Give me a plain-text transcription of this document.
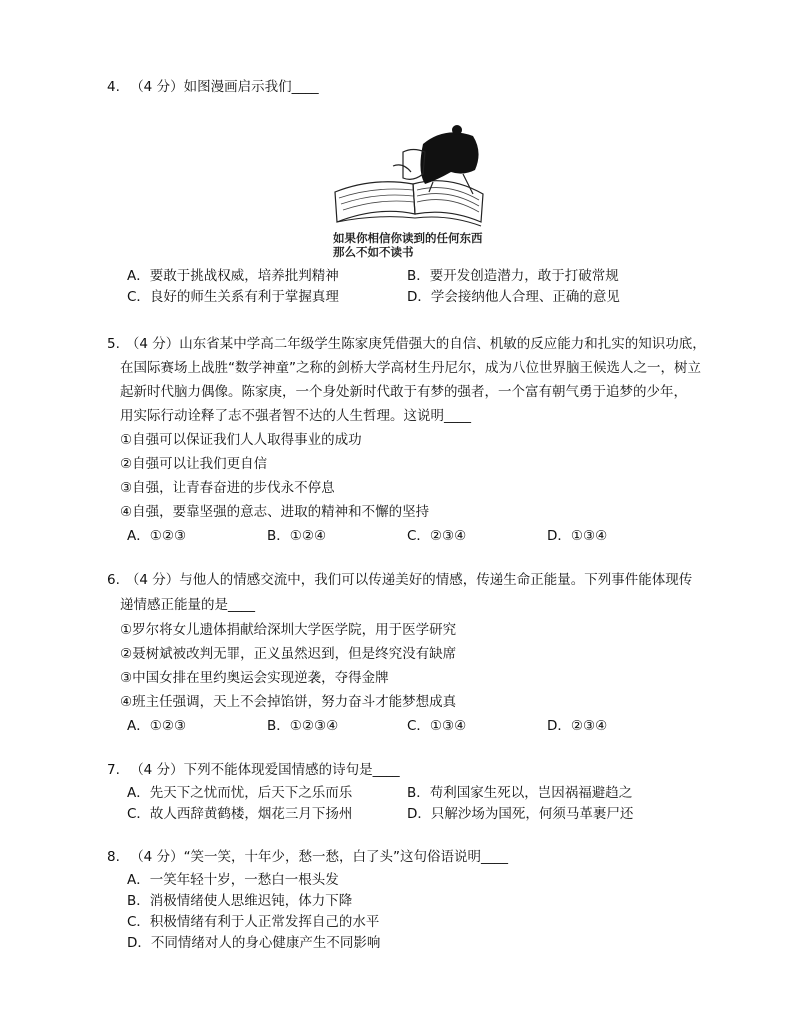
4. （4 分）如图漫画启示我们____
如果你相信你读到的任何东西
那么不如不读书
A．要敢于挑战权威，培养批判精神	B．要开发创造潜力，敢于打破常规
C．良好的师生关系有利于掌握真理	D．学会接纳他人合理、正确的意见
5. （4 分）山东省某中学高二年级学生陈家庚凭借强大的自信、机敏的反应能力和扎实的知识功底，
在国际赛场上战胜“数学神童”之称的剑桥大学高材生丹尼尔，成为八位世界脑王候选人之一，树立
起新时代脑力偶像。陈家庚，一个身处新时代敢于有梦的强者，一个富有朝气勇于追梦的少年，
用实际行动诠释了志不强者智不达的人生哲理。这说明____
①自强可以保证我们人人取得事业的成功
②自强可以让我们更自信
③自强，让青春奋进的步伐永不停息
④自强，要靠坚强的意志、进取的精神和不懈的坚持
A．①②③	B．①②④	C．②③④	D．①③④
6. （4 分）与他人的情感交流中，我们可以传递美好的情感，传递生命正能量。下列事件能体现传
递情感正能量的是____
①罗尔将女儿遗体捐献给深圳大学医学院，用于医学研究
②聂树斌被改判无罪，正义虽然迟到，但是终究没有缺席
③中国女排在里约奥运会实现逆袭，夺得金牌
④班主任强调，天上不会掉馅饼，努力奋斗才能梦想成真
A．①②③	B．①②③④	C．①③④	D．②③④
7. （4 分）下列不能体现爱国情感的诗句是____
A．先天下之忧而忧，后天下之乐而乐	B．苟利国家生死以，岂因祸福避趋之
C．故人西辞黄鹤楼，烟花三月下扬州	D．只解沙场为国死，何须马革裹尸还
8. （4 分）“笑一笑，十年少，愁一愁，白了头”这句俗语说明____
A．一笑年轻十岁，一愁白一根头发
B．消极情绪使人思维迟钝，体力下降
C．积极情绪有利于人正常发挥自己的水平
D．不同情绪对人的身心健康产生不同影响
